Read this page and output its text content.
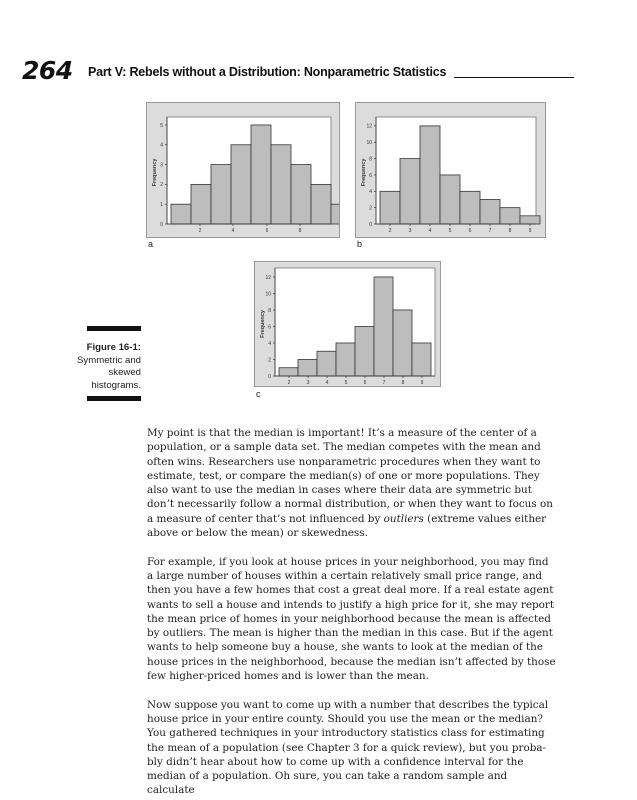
264 Part V: Rebels without a Distribution: Nonparametric Statistics
0
1
2
3
4
5
2	4	6	8
Frequency
a
0
2
4
6
8
10
12
2	3	4	5	6	7	8	9
Frequency
b
0
2
4
6
8
10
12
2	3	4	5	6	7	8	9
Frequency
c
Figure 16-1:
Symmetric and skewed histograms.

My point is that the median is important! It’s a measure of the center of a population, or a sample data set. The median competes with the mean and often wins. Researchers use nonparametric procedures when they want to estimate, test, or compare the median(s) of one or more populations. They also want to use the median in cases where their data are symmetric but don’t necessarily follow a normal distribution, or when they want to focus on a measure of center that’s not influenced by outliers (extreme values either above or below the mean) or skewedness.

For example, if you look at house prices in your neighborhood, you may find a large number of houses within a certain relatively small price range, and then you have a few homes that cost a great deal more. If a real estate agent wants to sell a house and intends to justify a high price for it, she may report the mean price of homes in your neighborhood because the mean is affected by outliers. The mean is higher than the median in this case. But if the agent wants to help someone buy a house, she wants to look at the median of the house prices in the neighborhood, because the median isn’t affected by those few higher-priced homes and is lower than the mean.

Now suppose you want to come up with a number that describes the typical house price in your entire county. Should you use the mean or the median? You gathered techniques in your introductory statistics class for estimating the mean of a population (see Chapter 3 for a quick review), but you proba-bly didn’t hear about how to come up with a confidence interval for the median of a population. Oh sure, you can take a random sample and calculate
